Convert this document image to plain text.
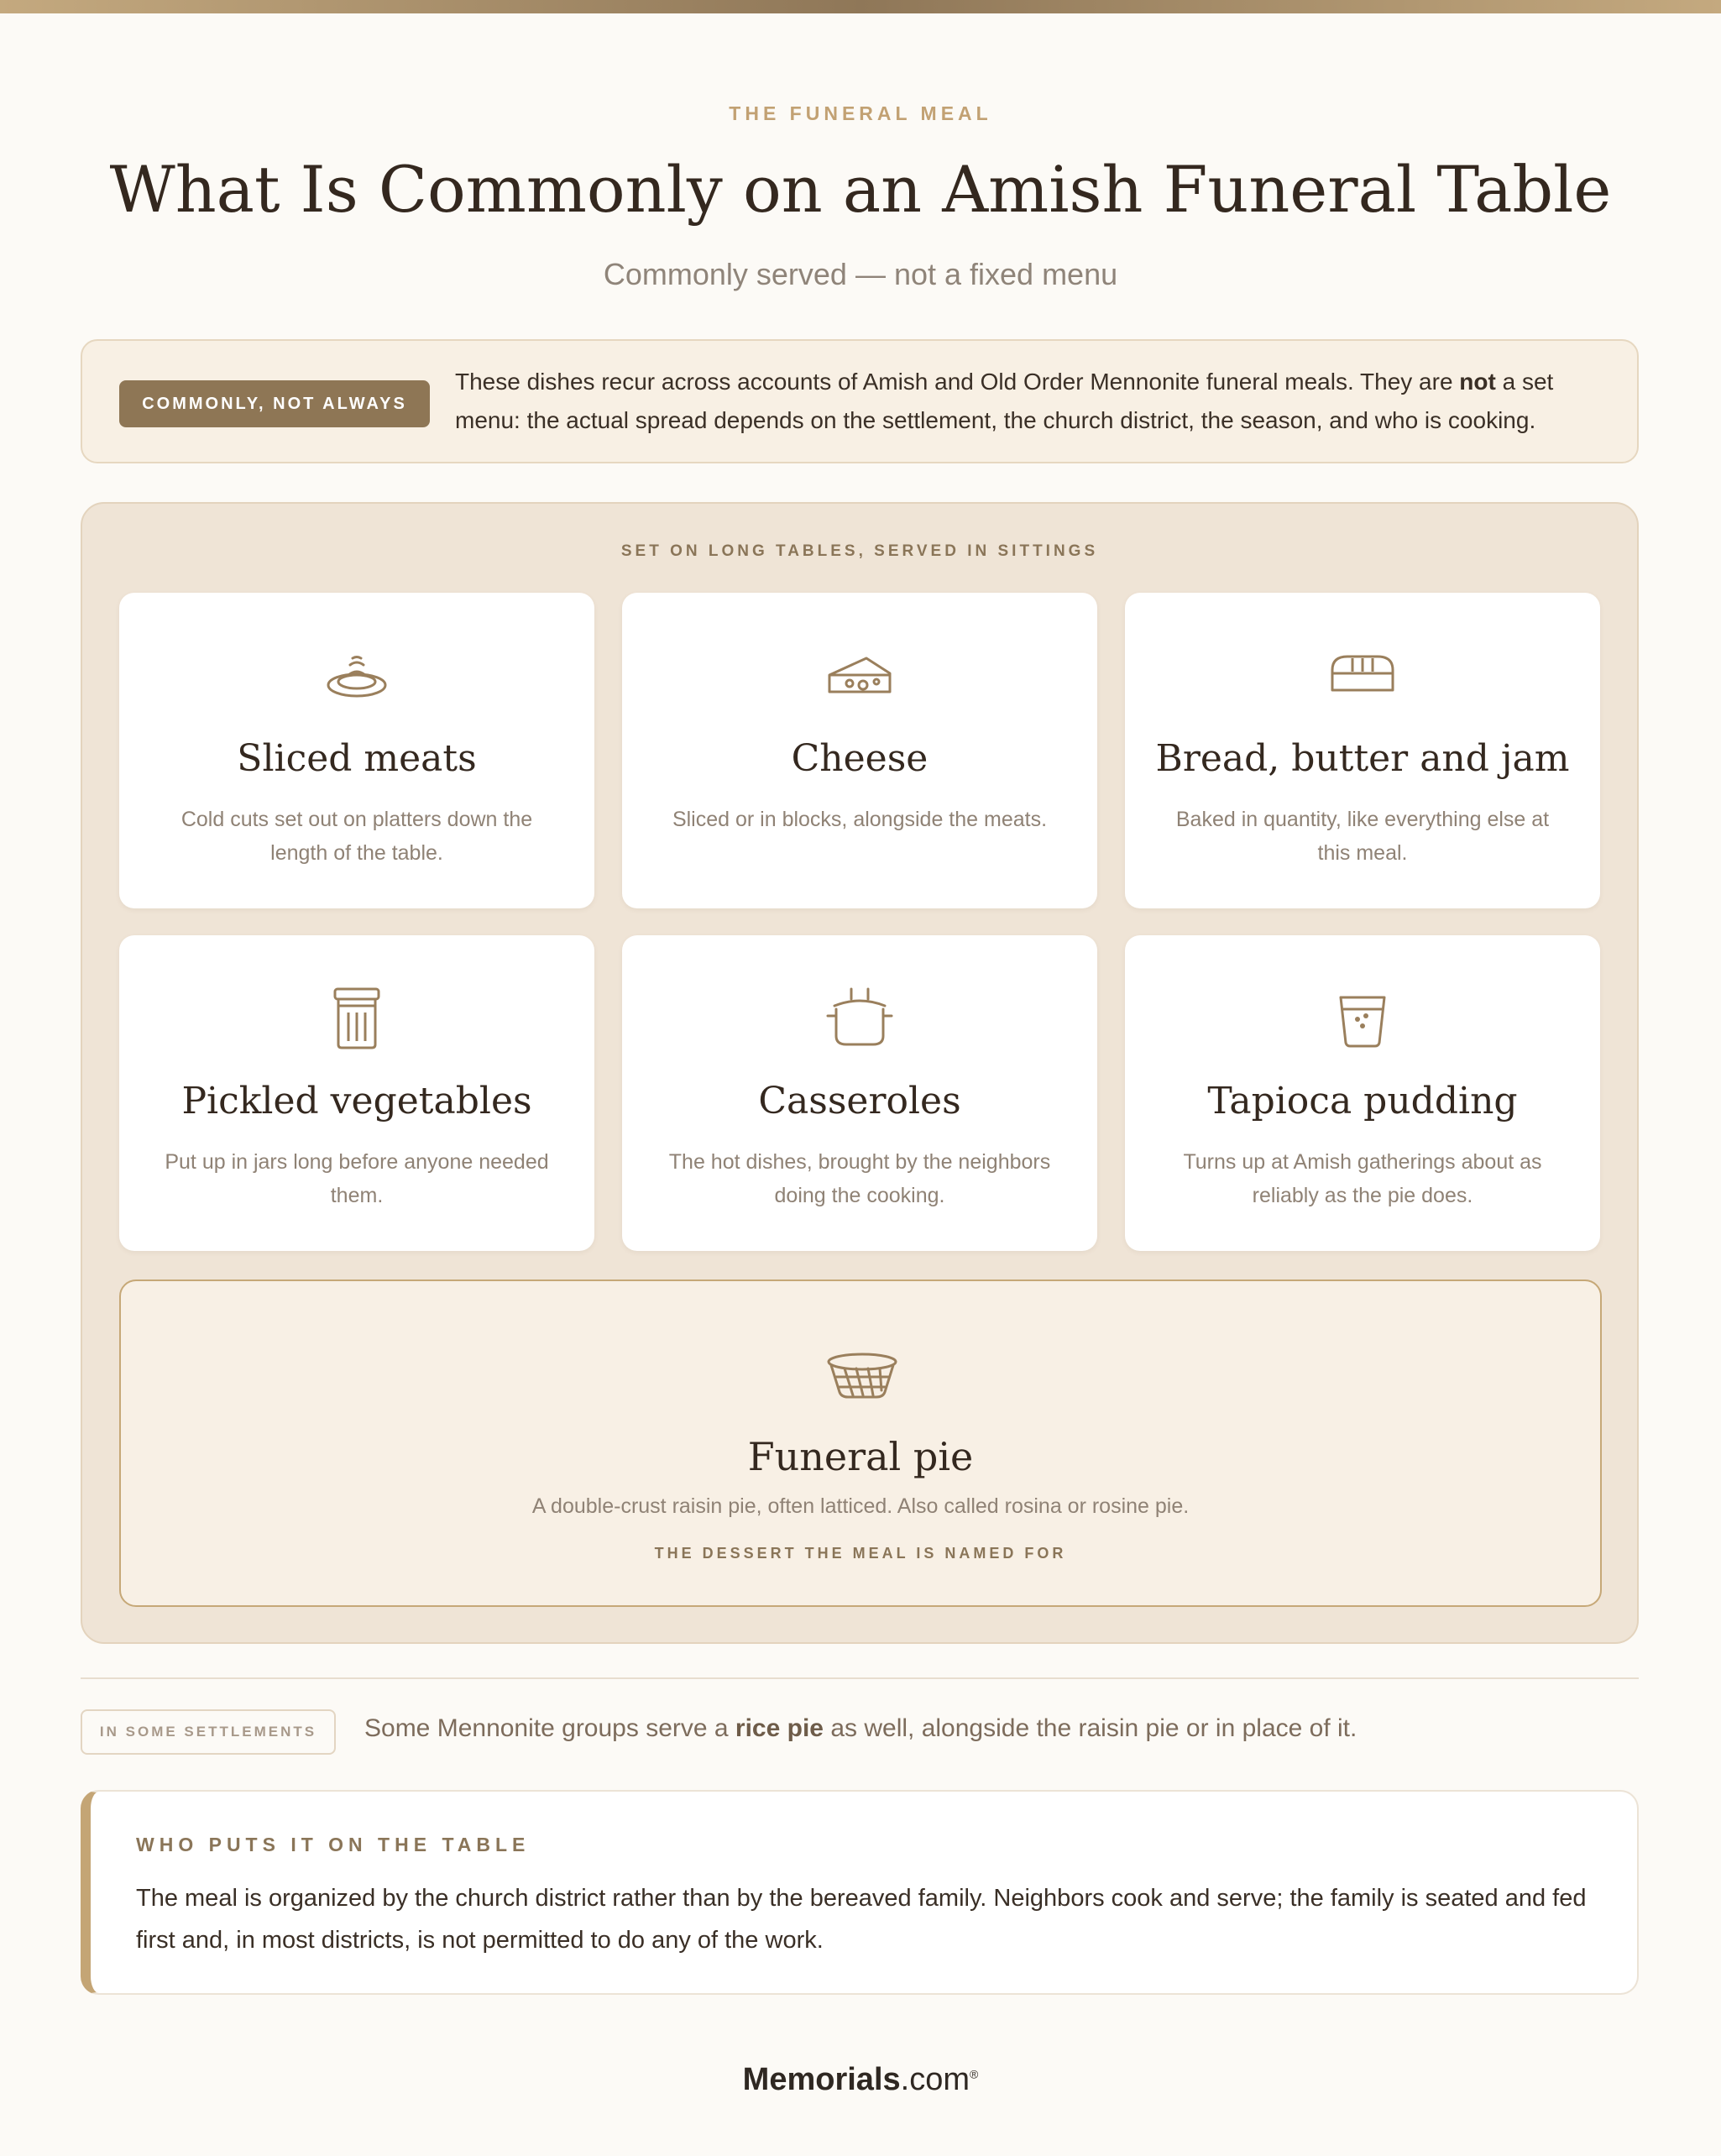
THE FUNERAL MEAL
What Is Commonly on an Amish Funeral Table
Commonly served — not a fixed menu
COMMONLY, NOT ALWAYS
These dishes recur across accounts of Amish and Old Order Mennonite funeral meals. They are not a set menu: the actual spread depends on the settlement, the church district, the season, and who is cooking.
SET ON LONG TABLES, SERVED IN SITTINGS
Sliced meats
Cold cuts set out on platters down the length of the table.
Cheese
Sliced or in blocks, alongside the meats.
Bread, butter and jam
Baked in quantity, like everything else at this meal.
Pickled vegetables
Put up in jars long before anyone needed them.
Casseroles
The hot dishes, brought by the neighbors doing the cooking.
Tapioca pudding
Turns up at Amish gatherings about as reliably as the pie does.
Funeral pie
A double-crust raisin pie, often latticed. Also called rosina or rosine pie.
THE DESSERT THE MEAL IS NAMED FOR
IN SOME SETTLEMENTS	Some Mennonite groups serve a rice pie as well, alongside the raisin pie or in place of it.
WHO PUTS IT ON THE TABLE
The meal is organized by the church district rather than by the bereaved family. Neighbors cook and serve; the family is seated and fed first and, in most districts, is not permitted to do any of the work.
Memorials.com®
